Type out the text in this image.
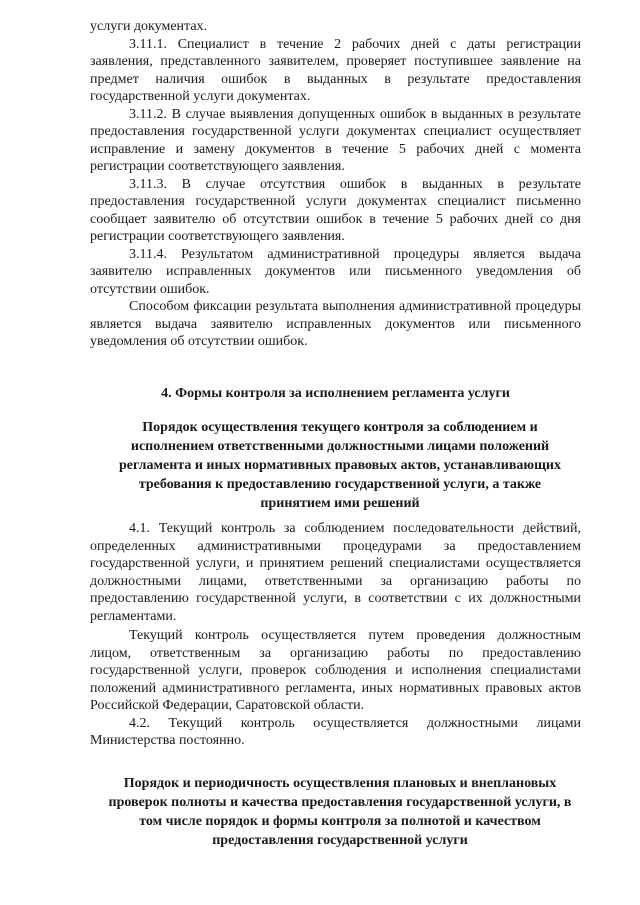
услуги документах.

3.11.1. Специалист в течение 2 рабочих дней с даты регистрации заявления, представленного заявителем, проверяет поступившее заявление на предмет наличия ошибок в выданных в результате предоставления государственной услуги документах.

3.11.2. В случае выявления допущенных ошибок в выданных в результате предоставления государственной услуги документах специалист осуществляет исправление и замену документов в течение 5 рабочих дней с момента регистрации соответствующего заявления.

3.11.3. В случае отсутствия ошибок в выданных в результате предоставления государственной услуги документах специалист письменно сообщает заявителю об отсутствии ошибок в течение 5 рабочих дней со дня регистрации соответствующего заявления.

3.11.4. Результатом административной процедуры является выдача заявителю исправленных документов или письменного уведомления об отсутствии ошибок.

Способом фиксации результата выполнения административной процедуры является выдача заявителю исправленных документов или письменного уведомления об отсутствии ошибок.

4. Формы контроля за исполнением регламента услуги
Порядок осуществления текущего контроля за соблюдением и исполнением ответственными должностными лицами положений регламента и иных нормативных правовых актов, устанавливающих требования к предоставлению государственной услуги, а также принятием ими решений

4.1. Текущий контроль за соблюдением последовательности действий, определенных административными процедурами за предоставлением государственной услуги, и принятием решений специалистами осуществляется должностными лицами, ответственными за организацию работы по предоставлению государственной услуги, в соответствии с их должностными регламентами.

Текущий контроль осуществляется путем проведения должностным лицом, ответственным за организацию работы по предоставлению государственной услуги, проверок соблюдения и исполнения специалистами положений административного регламента, иных нормативных правовых актов Российской Федерации, Саратовской области.

4.2. Текущий контроль осуществляется должностными лицами Министерства постоянно.

Порядок и периодичность осуществления плановых и внеплановых проверок полноты и качества предоставления государственной услуги, в том числе порядок и формы контроля за полнотой и качеством предоставления государственной услуги
